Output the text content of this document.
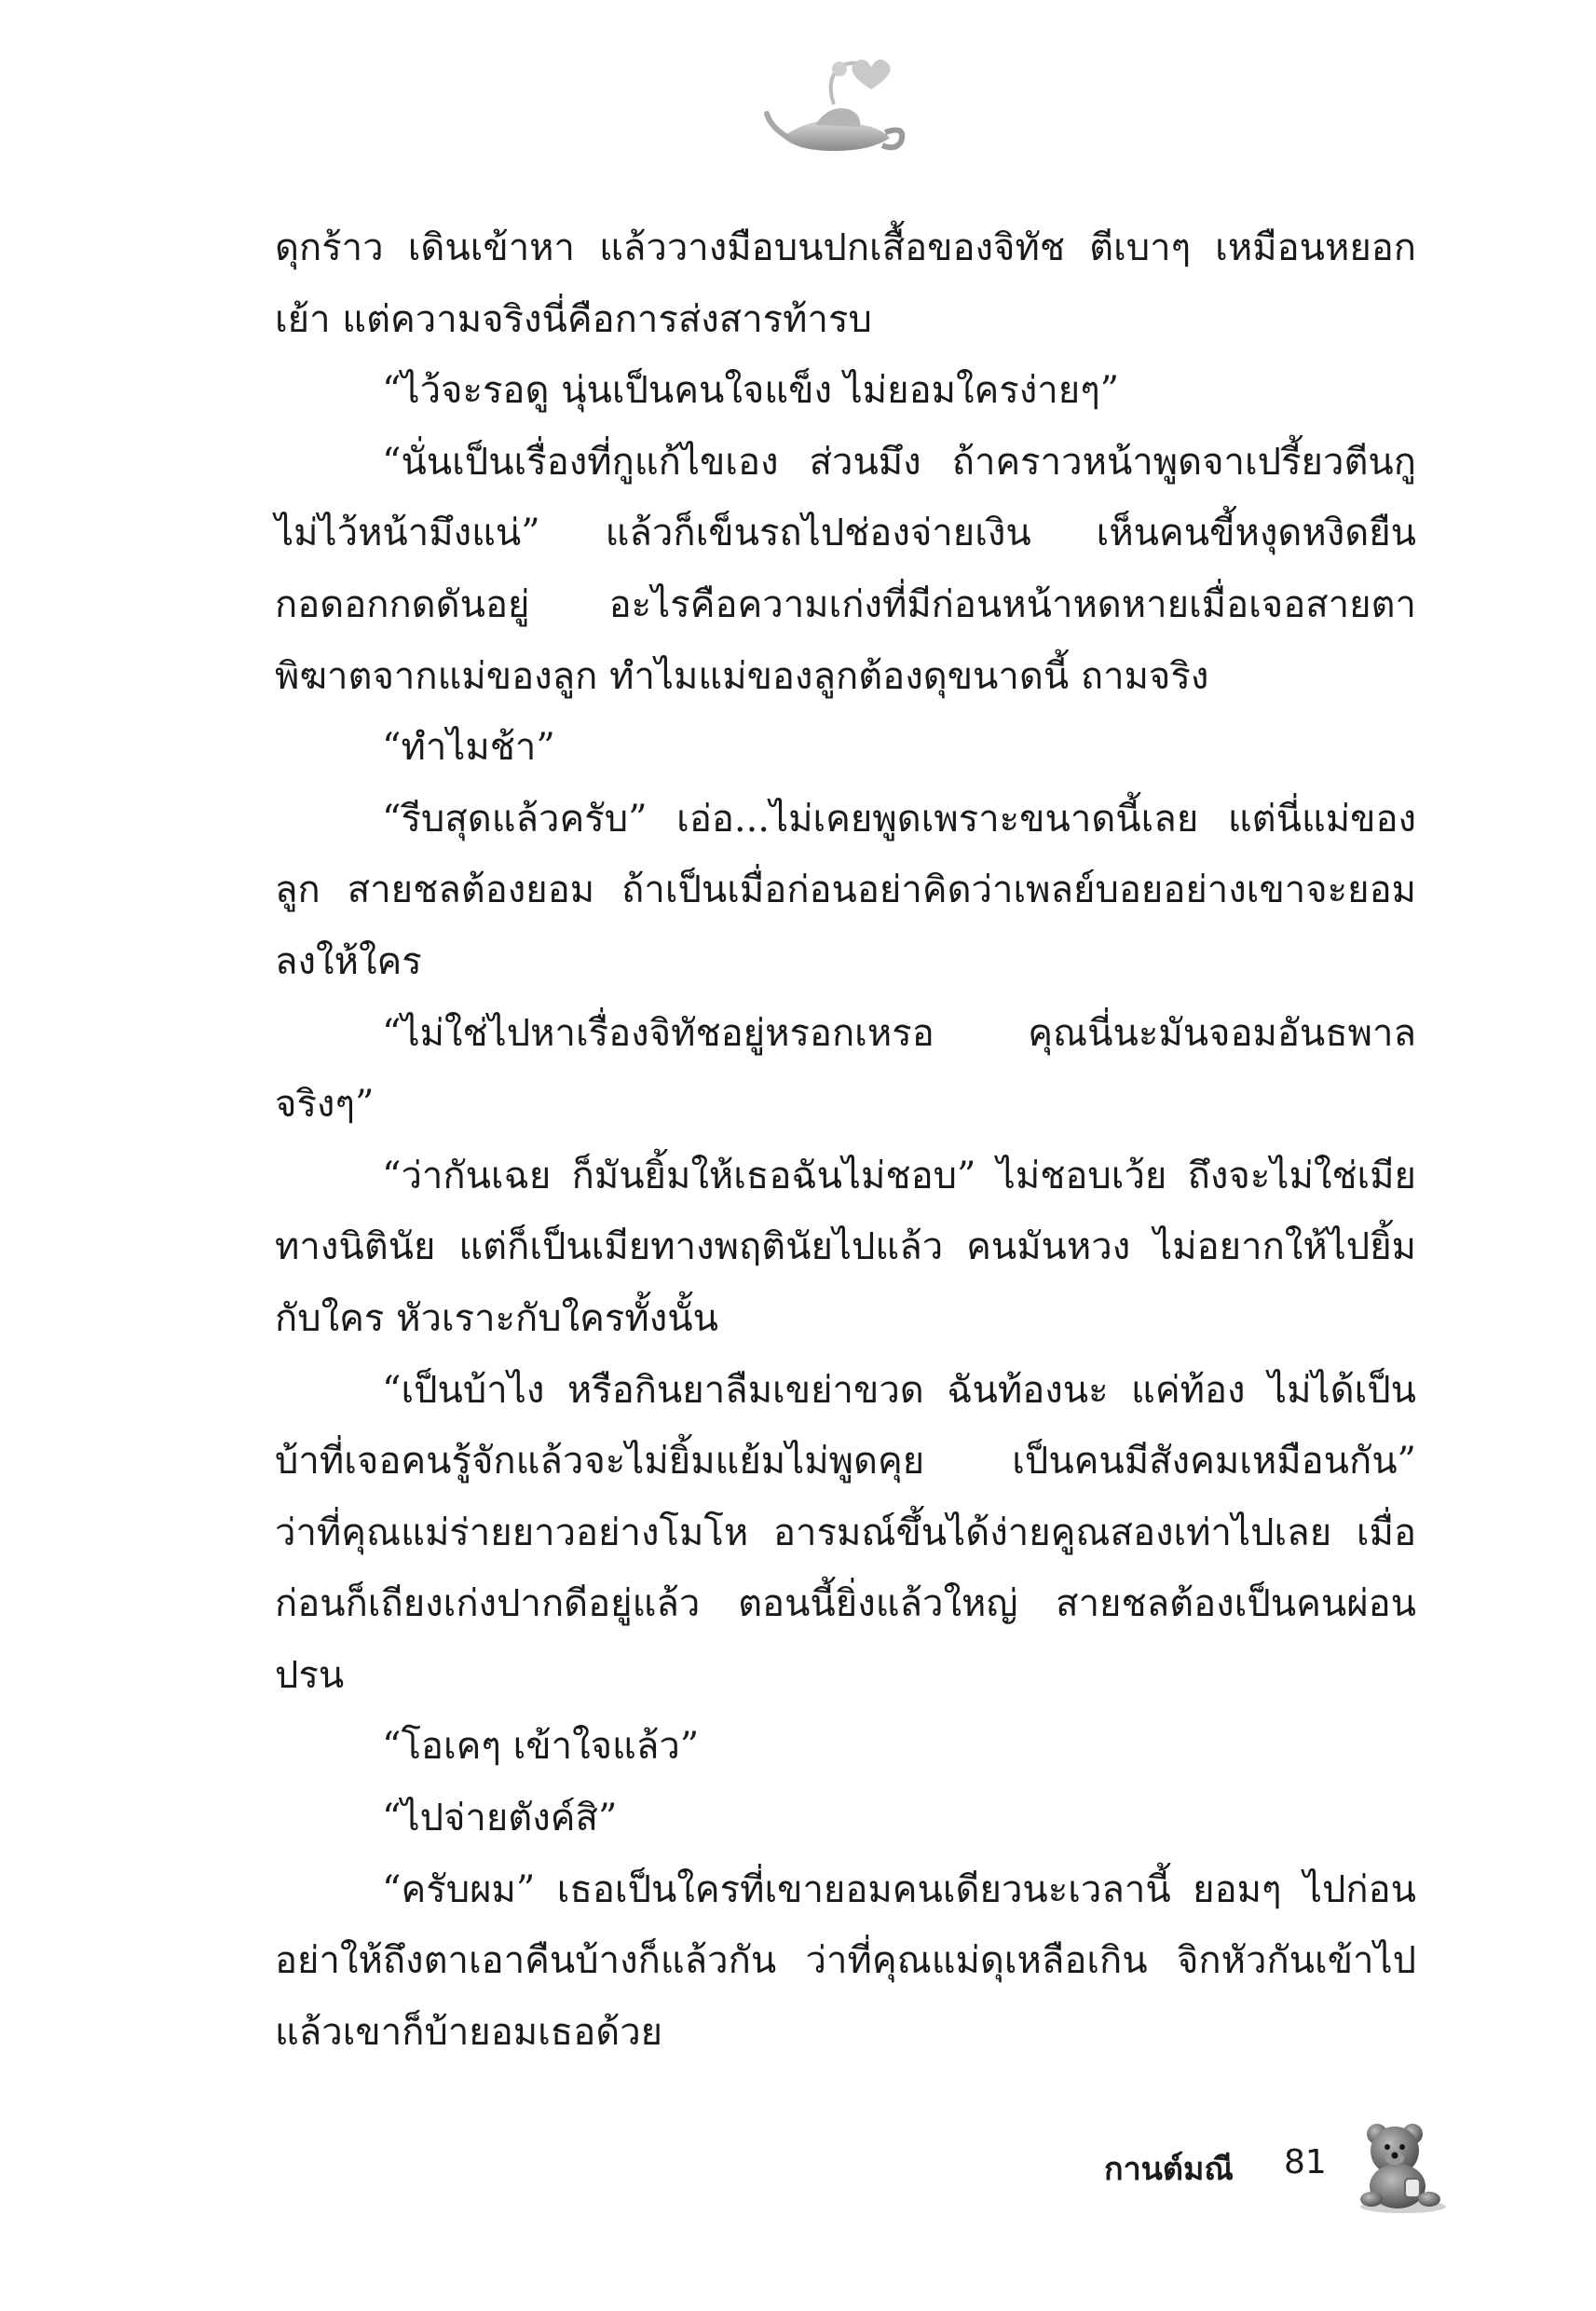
ดุกร้าว เดินเข้าหา แล้ววางมือบนปกเสื้อของจิทัช ตีเบาๆ เหมือนหยอกเย้า แต่ความจริงนี่คือการส่งสารท้ารบ

“ไว้จะรอดู นุ่นเป็นคนใจแข็ง ไม่ยอมใครง่ายๆ”

“นั่นเป็นเรื่องที่กูแก้ไขเอง ส่วนมึง ถ้าคราวหน้าพูดจาเปรี้ยวตีนกูไม่ไว้หน้ามึงแน่” แล้วก็เข็นรถไปช่องจ่ายเงิน เห็นคนขี้หงุดหงิดยืนกอดอกกดดันอยู่ อะไรคือความเก่งที่มีก่อนหน้าหดหายเมื่อเจอสายตาพิฆาตจากแม่ของลูก ทำไมแม่ของลูกต้องดุขนาดนี้ ถามจริง

“ทำไมช้า”

“รีบสุดแล้วครับ” เอ่อ...ไม่เคยพูดเพราะขนาดนี้เลย แต่นี่แม่ของลูก สายชลต้องยอม ถ้าเป็นเมื่อก่อนอย่าคิดว่าเพลย์บอยอย่างเขาจะยอมลงให้ใคร

“ไม่ใช่ไปหาเรื่องจิทัชอยู่หรอกเหรอ คุณนี่นะมันจอมอันธพาลจริงๆ”

“ว่ากันเฉย ก็มันยิ้มให้เธอฉันไม่ชอบ” ไม่ชอบเว้ย ถึงจะไม่ใช่เมียทางนิตินัย แต่ก็เป็นเมียทางพฤตินัยไปแล้ว คนมันหวง ไม่อยากให้ไปยิ้มกับใคร หัวเราะกับใครทั้งนั้น

“เป็นบ้าไง หรือกินยาลืมเขย่าขวด ฉันท้องนะ แค่ท้อง ไม่ได้เป็นบ้าที่เจอคนรู้จักแล้วจะไม่ยิ้มแย้มไม่พูดคุย เป็นคนมีสังคมเหมือนกัน” ว่าที่คุณแม่ร่ายยาวอย่างโมโห อารมณ์ขึ้นได้ง่ายคูณสองเท่าไปเลย เมื่อก่อนก็เถียงเก่งปากดีอยู่แล้ว ตอนนี้ยิ่งแล้วใหญ่ สายชลต้องเป็นคนผ่อนปรน

“โอเคๆ เข้าใจแล้ว”

“ไปจ่ายตังค์สิ”

“ครับผม” เธอเป็นใครที่เขายอมคนเดียวนะเวลานี้ ยอมๆ ไปก่อนอย่าให้ถึงตาเอาคืนบ้างก็แล้วกัน ว่าที่คุณแม่ดุเหลือเกิน จิกหัวกันเข้าไปแล้วเขาก็บ้ายอมเธอด้วย

กานต์มณี 81
